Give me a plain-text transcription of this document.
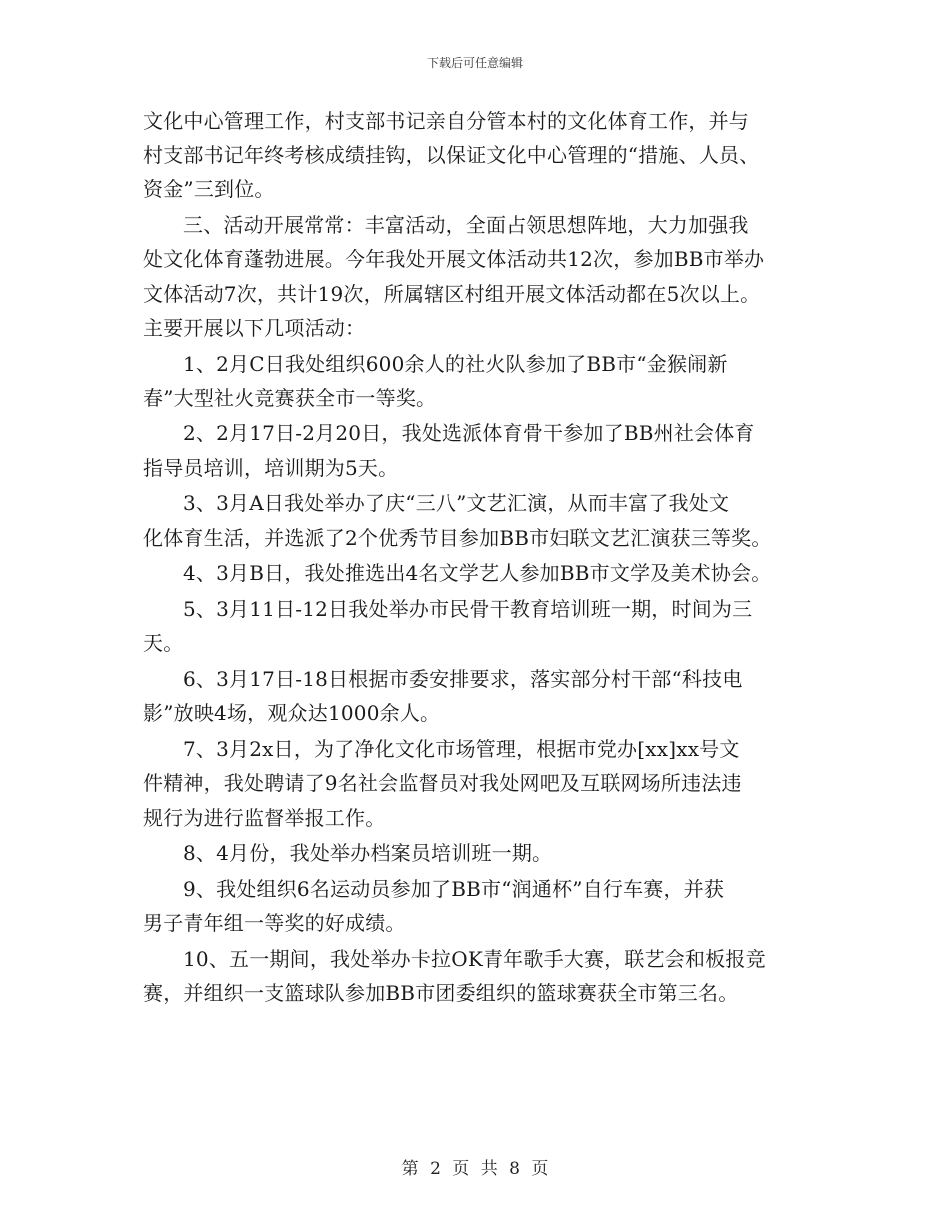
下载后可任意编辑
文化中心管理工作，村支部书记亲自分管本村的文化体育工作，并与
村支部书记年终考核成绩挂钩，以保证文化中心管理的“措施、人员、
资金”三到位。
三、活动开展常常：丰富活动，全面占领思想阵地，大力加强我
处文化体育蓬勃进展。今年我处开展文体活动共12次，参加BB市举办
文体活动7次，共计19次，所属辖区村组开展文体活动都在5次以上。
主要开展以下几项活动：
1、2月C日我处组织600余人的社火队参加了BB市“金猴闹新
春”大型社火竞赛获全市一等奖。
2、2月17日-2月20日，我处选派体育骨干参加了BB州社会体育
指导员培训，培训期为5天。
3、3月A日我处举办了庆“三八”文艺汇演，从而丰富了我处文
化体育生活，并选派了2个优秀节目参加BB市妇联文艺汇演获三等奖。
4、3月B日，我处推选出4名文学艺人参加BB市文学及美术协会。
5、3月11日-12日我处举办市民骨干教育培训班一期，时间为三
天。
6、3月17日-18日根据市委安排要求，落实部分村干部“科技电
影”放映4场，观众达1000余人。
7、3月2x日，为了净化文化市场管理，根据市党办[xx]xx号文
件精神，我处聘请了9名社会监督员对我处网吧及互联网场所违法违
规行为进行监督举报工作。
8、4月份，我处举办档案员培训班一期。
9、我处组织6名运动员参加了BB市“润通杯”自行车赛，并获
男子青年组一等奖的好成绩。
10、五一期间，我处举办卡拉OK青年歌手大赛，联艺会和板报竞
赛，并组织一支篮球队参加BB市团委组织的篮球赛获全市第三名。
第 2 页 共 8 页
